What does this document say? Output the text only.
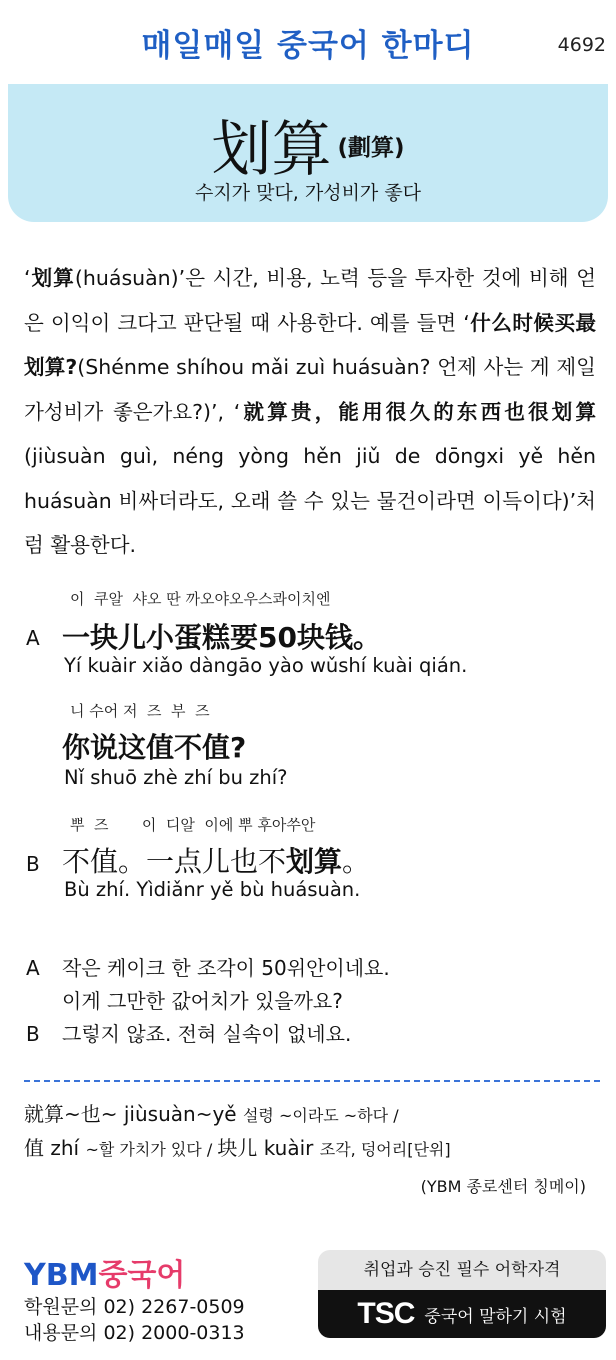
매일매일 중국어 한마디	4692
划算 (劃算)
수지가 맞다, 가성비가 좋다
‘划算(huásuàn)’은 시간, 비용, 노력 등을 투자한 것에 비해 얻은 이익이 크다고 판단될 때 사용한다. 예를 들면 ‘什么时候买最划算?(Shénme shíhou mǎi zuì huásuàn? 언제 사는 게 제일 가성비가 좋은가요?)’, ‘就算贵，能用很久的东西也很划算(jiùsuàn guì, néng yòng hěn jiǔ de dōngxi yě hěn huásuàn 비싸더라도, 오래 쓸 수 있는 물건이라면 이득이다)’처럼 활용한다.
이  쿠알  샤오 딴 까오야오우스콰이치엔
A 一块儿小蛋糕要50块钱。
Yí kuàir xiǎo dàngāo yào wǔshí kuài qián.
니 수어 저  즈  부  즈
你说这值不值?
Nǐ shuō zhè zhí bu zhí?
뿌  즈       이  디알  이에 뿌 후아쑤안
B 不值。一点儿也不划算。
Bù zhí. Yìdiǎnr yě bù huásuàn.
A	작은 케이크 한 조각이 50위안이네요.
이게 그만한 값어치가 있을까요?
B	그렇지 않죠. 전혀 실속이 없네요.
就算~也~ jiùsuàn~yě 설령 ~이라도 ~하다 /
值 zhí ~할 가치가 있다 / 块儿 kuàir 조각, 덩어리[단위]
(YBM 종로센터 칭메이)
YBM중국어
학원문의 02) 2267-0509
내용문의 02) 2000-0313
취업과 승진 필수 어학자격
TSC 중국어 말하기 시험
